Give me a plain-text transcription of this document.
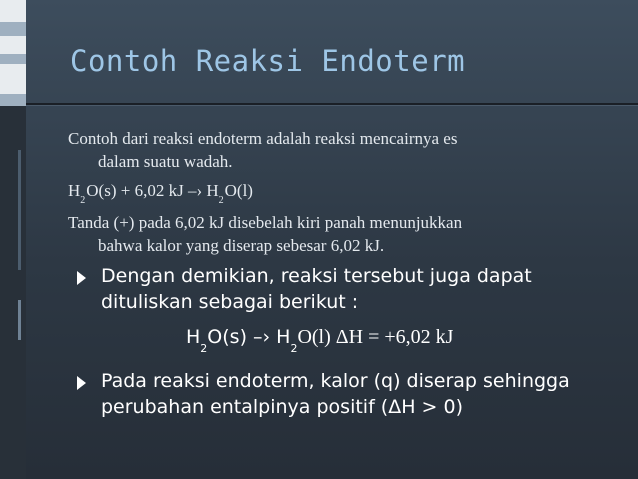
Contoh Reaksi Endoterm
Contoh dari reaksi endoterm adalah reaksi mencairnya es
dalam suatu wadah.
$H_2O(s) + 6,02$ kJ –› $H_2O(l)$
Tanda (+) pada 6,02 kJ disebelah kiri panah menunjukkan
bahwa kalor yang diserap sebesar 6,02 kJ.
Dengan demikian, reaksi tersebut juga dapat
dituliskan sebagai berikut :
$H_2O(s)$ –› $H_2O(l) \Delta H = +6,02$ kJ
Pada reaksi endoterm, kalor (q) diserap sehingga
perubahan entalpinya positif (ΔH > 0)
